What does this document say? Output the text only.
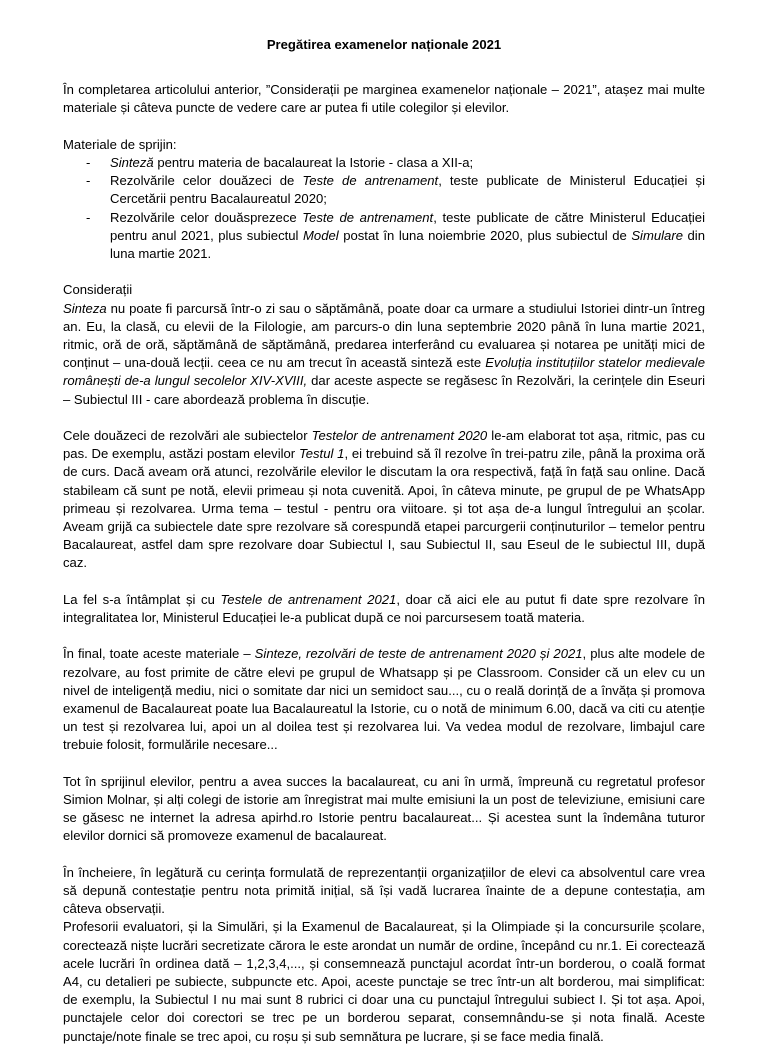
Pregătirea examenelor naționale 2021

În completarea articolului anterior, ”Considerații pe marginea examenelor naționale – 2021”, atașez mai multe materiale și câteva puncte de vedere care ar putea fi utile colegilor și elevilor.

Materiale de sprijin:

- Sinteză pentru materia de bacalaureat la Istorie - clasa a XII-a;
- Rezolvările celor douăzeci de Teste de antrenament, teste publicate de Ministerul Educației și Cercetării pentru Bacalaureatul 2020;
- Rezolvările celor douăsprezece Teste de antrenament, teste publicate de către Ministerul Educației pentru anul 2021, plus subiectul Model postat în luna noiembrie 2020, plus subiectul de Simulare din luna martie 2021.

Considerații

Sinteza nu poate fi parcursă într-o zi sau o săptămână, poate doar ca urmare a studiului Istoriei dintr-un întreg an. Eu, la clasă, cu elevii de la Filologie, am parcurs-o din luna septembrie 2020 până în luna martie 2021, ritmic, oră de oră, săptămână de săptămână, predarea interferând cu evaluarea și notarea pe unități mici de conținut – una-două lecții. ceea ce nu am trecut în această sinteză este Evoluția instituțiilor statelor medievale românești de-a lungul secolelor XIV-XVIII, dar aceste aspecte se regăsesc în Rezolvări, la cerințele din Eseuri – Subiectul III - care abordează problema în discuție.

Cele douăzeci de rezolvări ale subiectelor Testelor de antrenament 2020 le-am elaborat tot așa, ritmic, pas cu pas. De exemplu, astăzi postam elevilor Testul 1, ei trebuind să îl rezolve în trei-patru zile, până la proxima oră de curs. Dacă aveam oră atunci, rezolvările elevilor le discutam la ora respectivă, față în față sau online. Dacă stabileam că sunt pe notă, elevii primeau și nota cuvenită. Apoi, în câteva minute, pe grupul de pe WhatsApp primeau și rezolvarea. Urma tema – testul - pentru ora viitoare. și tot așa de-a lungul întregului an școlar. Aveam grijă ca subiectele date spre rezolvare să corespundă etapei parcurgerii conținuturilor – temelor pentru Bacalaureat, astfel dam spre rezolvare doar Subiectul I, sau Subiectul II, sau Eseul de le subiectul III, după caz.

La fel s-a întâmplat și cu Testele de antrenament 2021, doar că aici ele au putut fi date spre rezolvare în integralitatea lor, Ministerul Educației le-a publicat după ce noi parcursesem toată materia.

În final, toate aceste materiale – Sinteze, rezolvări de teste de antrenament 2020 și 2021, plus alte modele de rezolvare, au fost primite de către elevi pe grupul de Whatsapp și pe Classroom. Consider că un elev cu un nivel de inteligență mediu, nici o somitate dar nici un semidoct sau..., cu o reală dorință de a învăța și promova examenul de Bacalaureat poate lua Bacalaureatul la Istorie, cu o notă de minimum 6.00, dacă va citi cu atenție un test și rezolvarea lui, apoi un al doilea test și rezolvarea lui. Va vedea modul de rezolvare, limbajul care trebuie folosit, formulările necesare...

Tot în sprijinul elevilor, pentru a avea succes la bacalaureat, cu ani în urmă, împreună cu regretatul profesor Simion Molnar, și alți colegi de istorie am înregistrat mai multe emisiuni la un post de televiziune, emisiuni care se găsesc ne internet la adresa apirhd.ro Istorie pentru bacalaureat... Și acestea sunt la îndemâna tuturor elevilor dornici să promoveze examenul de bacalaureat.

În încheiere, în legătură cu cerința formulată de reprezentanții organizațiilor de elevi ca absolventul care vrea să depună contestație pentru nota primită inițial, să își vadă lucrarea înainte de a depune contestația, am câteva observații.

Profesorii evaluatori, și la Simulări, și la Examenul de Bacalaureat, și la Olimpiade și la concursurile școlare, corectează niște lucrări secretizate cărora le este arondat un număr de ordine, începând cu nr.1. Ei corectează acele lucrări în ordinea dată – 1,2,3,4,..., și consemnează punctajul acordat într-un borderou, o coală format A4, cu detalieri pe subiecte, subpuncte etc. Apoi, aceste punctaje se trec într-un alt borderou, mai simplificat: de exemplu, la Subiectul I nu mai sunt 8 rubrici ci doar una cu punctajul întregului subiect I. Și tot așa. Apoi, punctajele celor doi corectori se trec pe un borderou separat, consemnându-se și nota finală. Aceste punctaje/note finale se trec apoi, cu roșu și sub semnătura pe lucrare, și se face media finală.
